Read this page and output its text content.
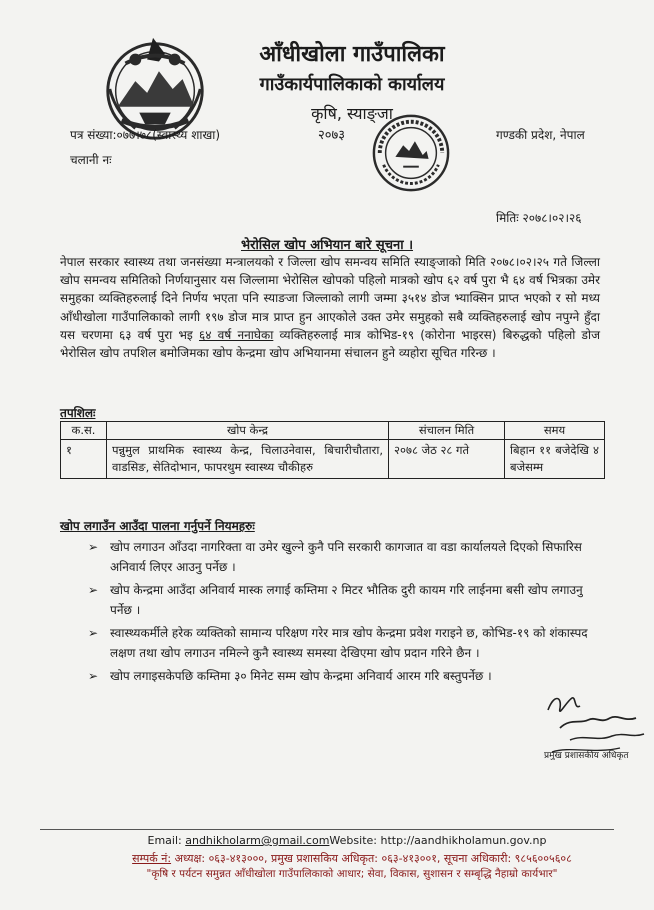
आँधीखोला गाउँपालिका
गाउँकार्यपालिकाको कार्यालय
कृषि, स्याङ्जा
पत्र संख्या:०७७।७८(स्वास्थ्य शाखा)	२०७३	गण्डकी प्रदेश, नेपाल
चलानी नः
मितिः २०७८।०२।२६
भेरोसिल खोप अभियान बारे सूचना ।

नेपाल सरकार स्वास्थ्य तथा जनसंख्या मन्त्रालयको र जिल्ला खोप समन्वय समिति स्याङ्जाको मिति २०७८।०२।२५ गते जिल्ला खोप समन्वय समितिको निर्णयानुसार यस जिल्लामा भेरोसिल खोपको पहिलो मात्रको खोप ६२ वर्ष पुरा भै ६४ वर्ष भित्रका उमेर समुहका व्यक्तिहरुलाई दिने निर्णय भएता पनि स्याङजा जिल्लाको लागी जम्मा ३५१४ डोज भ्याक्सिन प्राप्त भएको र सो मध्य आँधीखोला गाउँपालिकाको लागी १९७ डोज मात्र प्राप्त हुन आएकोले उक्त उमेर समुहको सबै व्यक्तिहरुलाई खोप नपुग्ने हुँदा यस चरणमा ६३ वर्ष पुरा भइ ६४ वर्ष ननाघेका व्यक्तिहरुलाई मात्र कोभिड-१९ (कोरोना भाइरस) बिरुद्धको पहिलो डोज भेरोसिल खोप तपशिल बमोजिमका खोप केन्द्रमा खोप अभियानमा संचालन हुने व्यहोरा सूचित गरिन्छ ।

तपशिलः
क.स.	खोप केन्द्र	संचालन मिति	समय
१	पन्नुमुल प्राथमिक स्वास्थ्य केन्द्र, चिलाउनेवास, बिचारीचौतारा, वाडसिङ, सेतिदोभान, फापरथुम स्वास्थ्य चौकीहरु	२०७८ जेठ २८ गते	बिहान ११ बजेदेखि ४ बजेसम्म
खोप लगाउँन आउँदा पालना गर्नुपर्ने नियमहरुः
➢ खोप लगाउन आँउदा नागरिक्ता वा उमेर खुल्ने कुनै पनि सरकारी कागजात वा वडा कार्यालयले दिएको सिफारिस अनिवार्य लिएर आउनु पर्नेछ ।
➢ खोप केन्द्रमा आउँदा अनिवार्य मास्क लगाई कम्तिमा २ मिटर भौतिक दुरी कायम गरि लाईनमा बसी खोप लगाउनु पर्नेछ ।
➢ स्वास्थ्यकर्मीले हरेक व्यक्तिको सामान्य परिक्षण गरेर मात्र खोप केन्द्रमा प्रवेश गराइने छ, कोभिड-१९ को शंकास्पद लक्षण तथा खोप लगाउन नमिल्ने कुनै स्वास्थ्य समस्या देखिएमा खोप प्रदान गरिने छैन ।
➢ खोप लगाइसकेपछि कम्तिमा ३० मिनेट सम्म खोप केन्द्रमा अनिवार्य आरम गरि बस्तुपर्नेछ ।
प्रमुख प्रशासकीय अधिकृत
Email: andhikholarm@gmail.comWebsite: http://aandhikholamun.gov.np
सम्पर्क नं: अध्यक्ष: ०६३-४१३०००, प्रमुख प्रशासकिय अधिकृत: ०६३-४१३००१, सूचना अधिकारी: ९८५६००५६०८
"कृषि र पर्यटन समुन्नत आँधीखोला गाउँपालिकाको आधार; सेवा, विकास, सुशासन र सम्बृद्धि नैहाम्रो कार्यभार"
